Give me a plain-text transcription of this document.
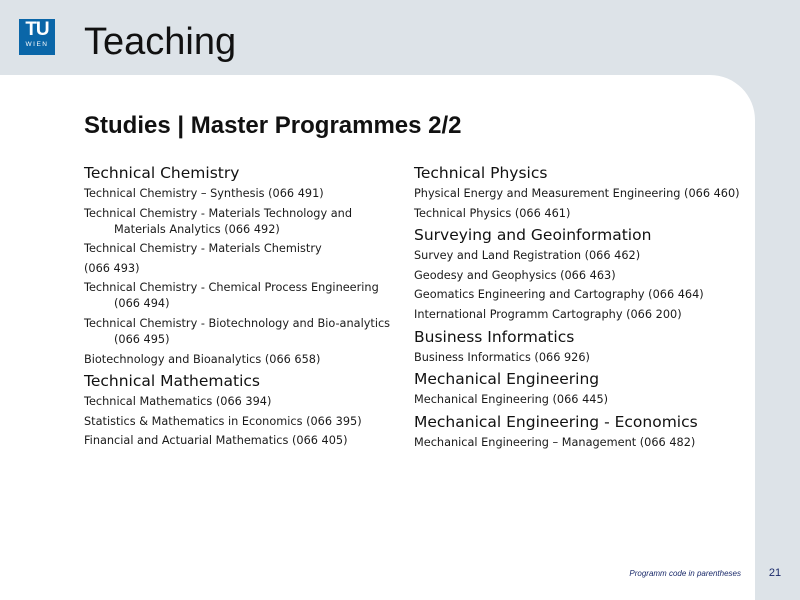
TU
WIEN Teaching
Studies | Master Programmes 2/2
Technical Chemistry
Technical Chemistry – Synthesis (066 491)
Technical Chemistry - Materials Technology and Materials Analytics (066 492)
Technical Chemistry - Materials Chemistry
(066 493)
Technical Chemistry - Chemical Process Engineering (066 494)
Technical Chemistry - Biotechnology and Bio-analytics (066 495)
Biotechnology and Bioanalytics (066 658)
Technical Mathematics
Technical Mathematics (066 394)
Statistics & Mathematics in Economics (066 395)
Financial and Actuarial Mathematics (066 405)
Technical Physics
Physical Energy and Measurement Engineering (066 460)
Technical Physics (066 461)
Surveying and Geoinformation
Survey and Land Registration (066 462)
Geodesy and Geophysics (066 463)
Geomatics Engineering and Cartography (066 464)
International Programm Cartography (066 200)
Business Informatics
Business Informatics (066 926)
Mechanical Engineering
Mechanical Engineering (066 445)
Mechanical Engineering - Economics
Mechanical Engineering – Management (066 482)
Programm code in parentheses	21
